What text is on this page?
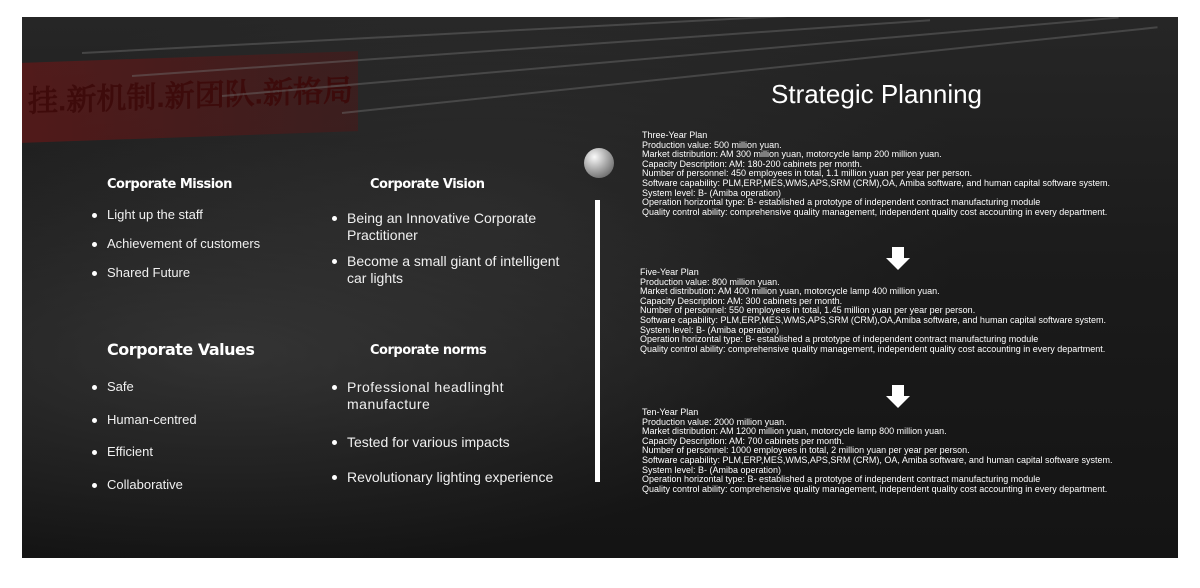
挂.新机制.新团队.新格局
Corporate Mission
Light up the staff
Achievement of customers
Shared Future
Corporate Vision
Being an Innovative Corporate Practitioner
Become a small giant of intelligent car lights
Corporate Values
Safe
Human-centred
Efficient
Collaborative
Corporate norms
Professional headlinght manufacture
Tested for various impacts
Revolutionary lighting experience
Strategic Planning
Three-Year Plan
Production value: 500 million yuan.
Market distribution: AM 300 million yuan, motorcycle lamp 200 million yuan.
Capacity Description: AM: 180-200 cabinets per month.
Number of personnel: 450 employees in total, 1.1 million yuan per year per person.
Software capability: PLM,ERP,MES,WMS,APS,SRM (CRM),OA, Amiba software, and human capital software system.
System level: B- (Amiba operation)
Operation horizontal type: B- established a prototype of independent contract manufacturing module
Quality control ability: comprehensive quality management, independent quality cost accounting in every department.
Five-Year Plan
Production value: 800 million yuan.
Market distribution: AM 400 million yuan, motorcycle lamp 400 million yuan.
Capacity Description: AM: 300 cabinets per month.
Number of personnel: 550 employees in total, 1.45 million yuan per year per person.
Software capability: PLM,ERP,MES,WMS,APS,SRM (CRM),OA,Amiba software, and human capital software system.
System level: B- (Amiba operation)
Operation horizontal type: B- established a prototype of independent contract manufacturing module
Quality control ability: comprehensive quality management, independent quality cost accounting in every department.
Ten-Year Plan
Production value: 2000 million yuan.
Market distribution: AM 1200 million yuan, motorcycle lamp 800 million yuan.
Capacity Description: AM: 700 cabinets per month.
Number of personnel: 1000 employees in total, 2 million yuan per year per person.
Software capability: PLM,ERP,MES,WMS,APS,SRM (CRM), OA, Amiba software, and human capital software system.
System level: B- (Amiba operation)
Operation horizontal type: B- established a prototype of independent contract manufacturing module
Quality control ability: comprehensive quality management, independent quality cost accounting in every department.
